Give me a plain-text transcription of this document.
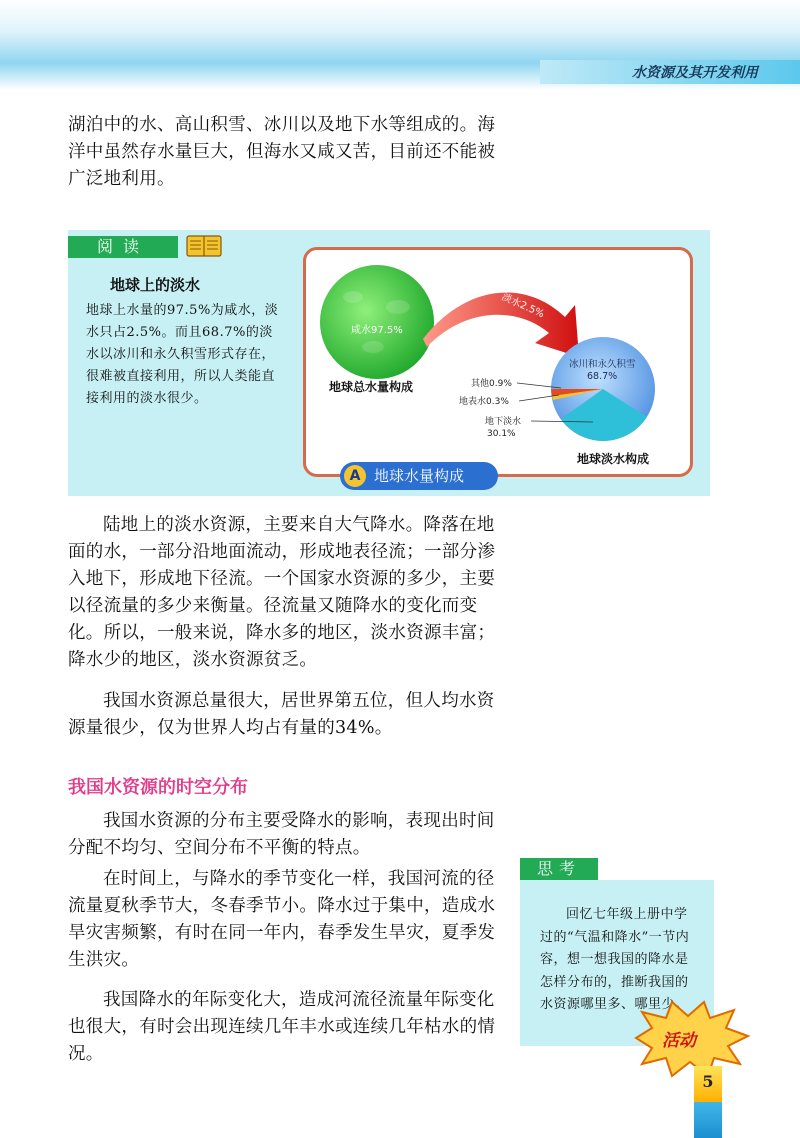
水资源及其开发利用

湖泊中的水、高山积雪、冰川以及地下水等组成的。海洋中虽然存水量巨大，但海水又咸又苦，目前还不能被广泛地利用。

阅读
地球上的淡水

地球上水量的97.5%为咸水，淡水只占2.5%。而且68.7%的淡水以冰川和永久积雪形式存在，很难被直接利用，所以人类能直接利用的淡水很少。

咸水97.5%
淡水2.5%
冰川和永久积雪
68.7%
其他0.9%
地表水0.3%
地下淡水
30.1%
地球总水量构成
地球淡水构成
地球水量构成
A

陆地上的淡水资源，主要来自大气降水。降落在地面的水，一部分沿地面流动，形成地表径流；一部分渗入地下，形成地下径流。一个国家水资源的多少，主要以径流量的多少来衡量。径流量又随降水的变化而变化。所以，一般来说，降水多的地区，淡水资源丰富；降水少的地区，淡水资源贫乏。

我国水资源总量很大，居世界第五位，但人均水资源量很少，仅为世界人均占有量的34%。

我国水资源的时空分布

我国水资源的分布主要受降水的影响，表现出时间分配不均匀、空间分布不平衡的特点。

在时间上，与降水的季节变化一样，我国河流的径流量夏秋季节大，冬春季节小。降水过于集中，造成水旱灾害频繁，有时在同一年内，春季发生旱灾，夏季发生洪灾。

我国降水的年际变化大，造成河流径流量年际变化也很大，有时会出现连续几年丰水或连续几年枯水的情况。

思考

回忆七年级上册中学过的“气温和降水”一节内容，想一想我国的降水是怎样分布的，推断我国的水资源哪里多、哪里少。

活动
5
